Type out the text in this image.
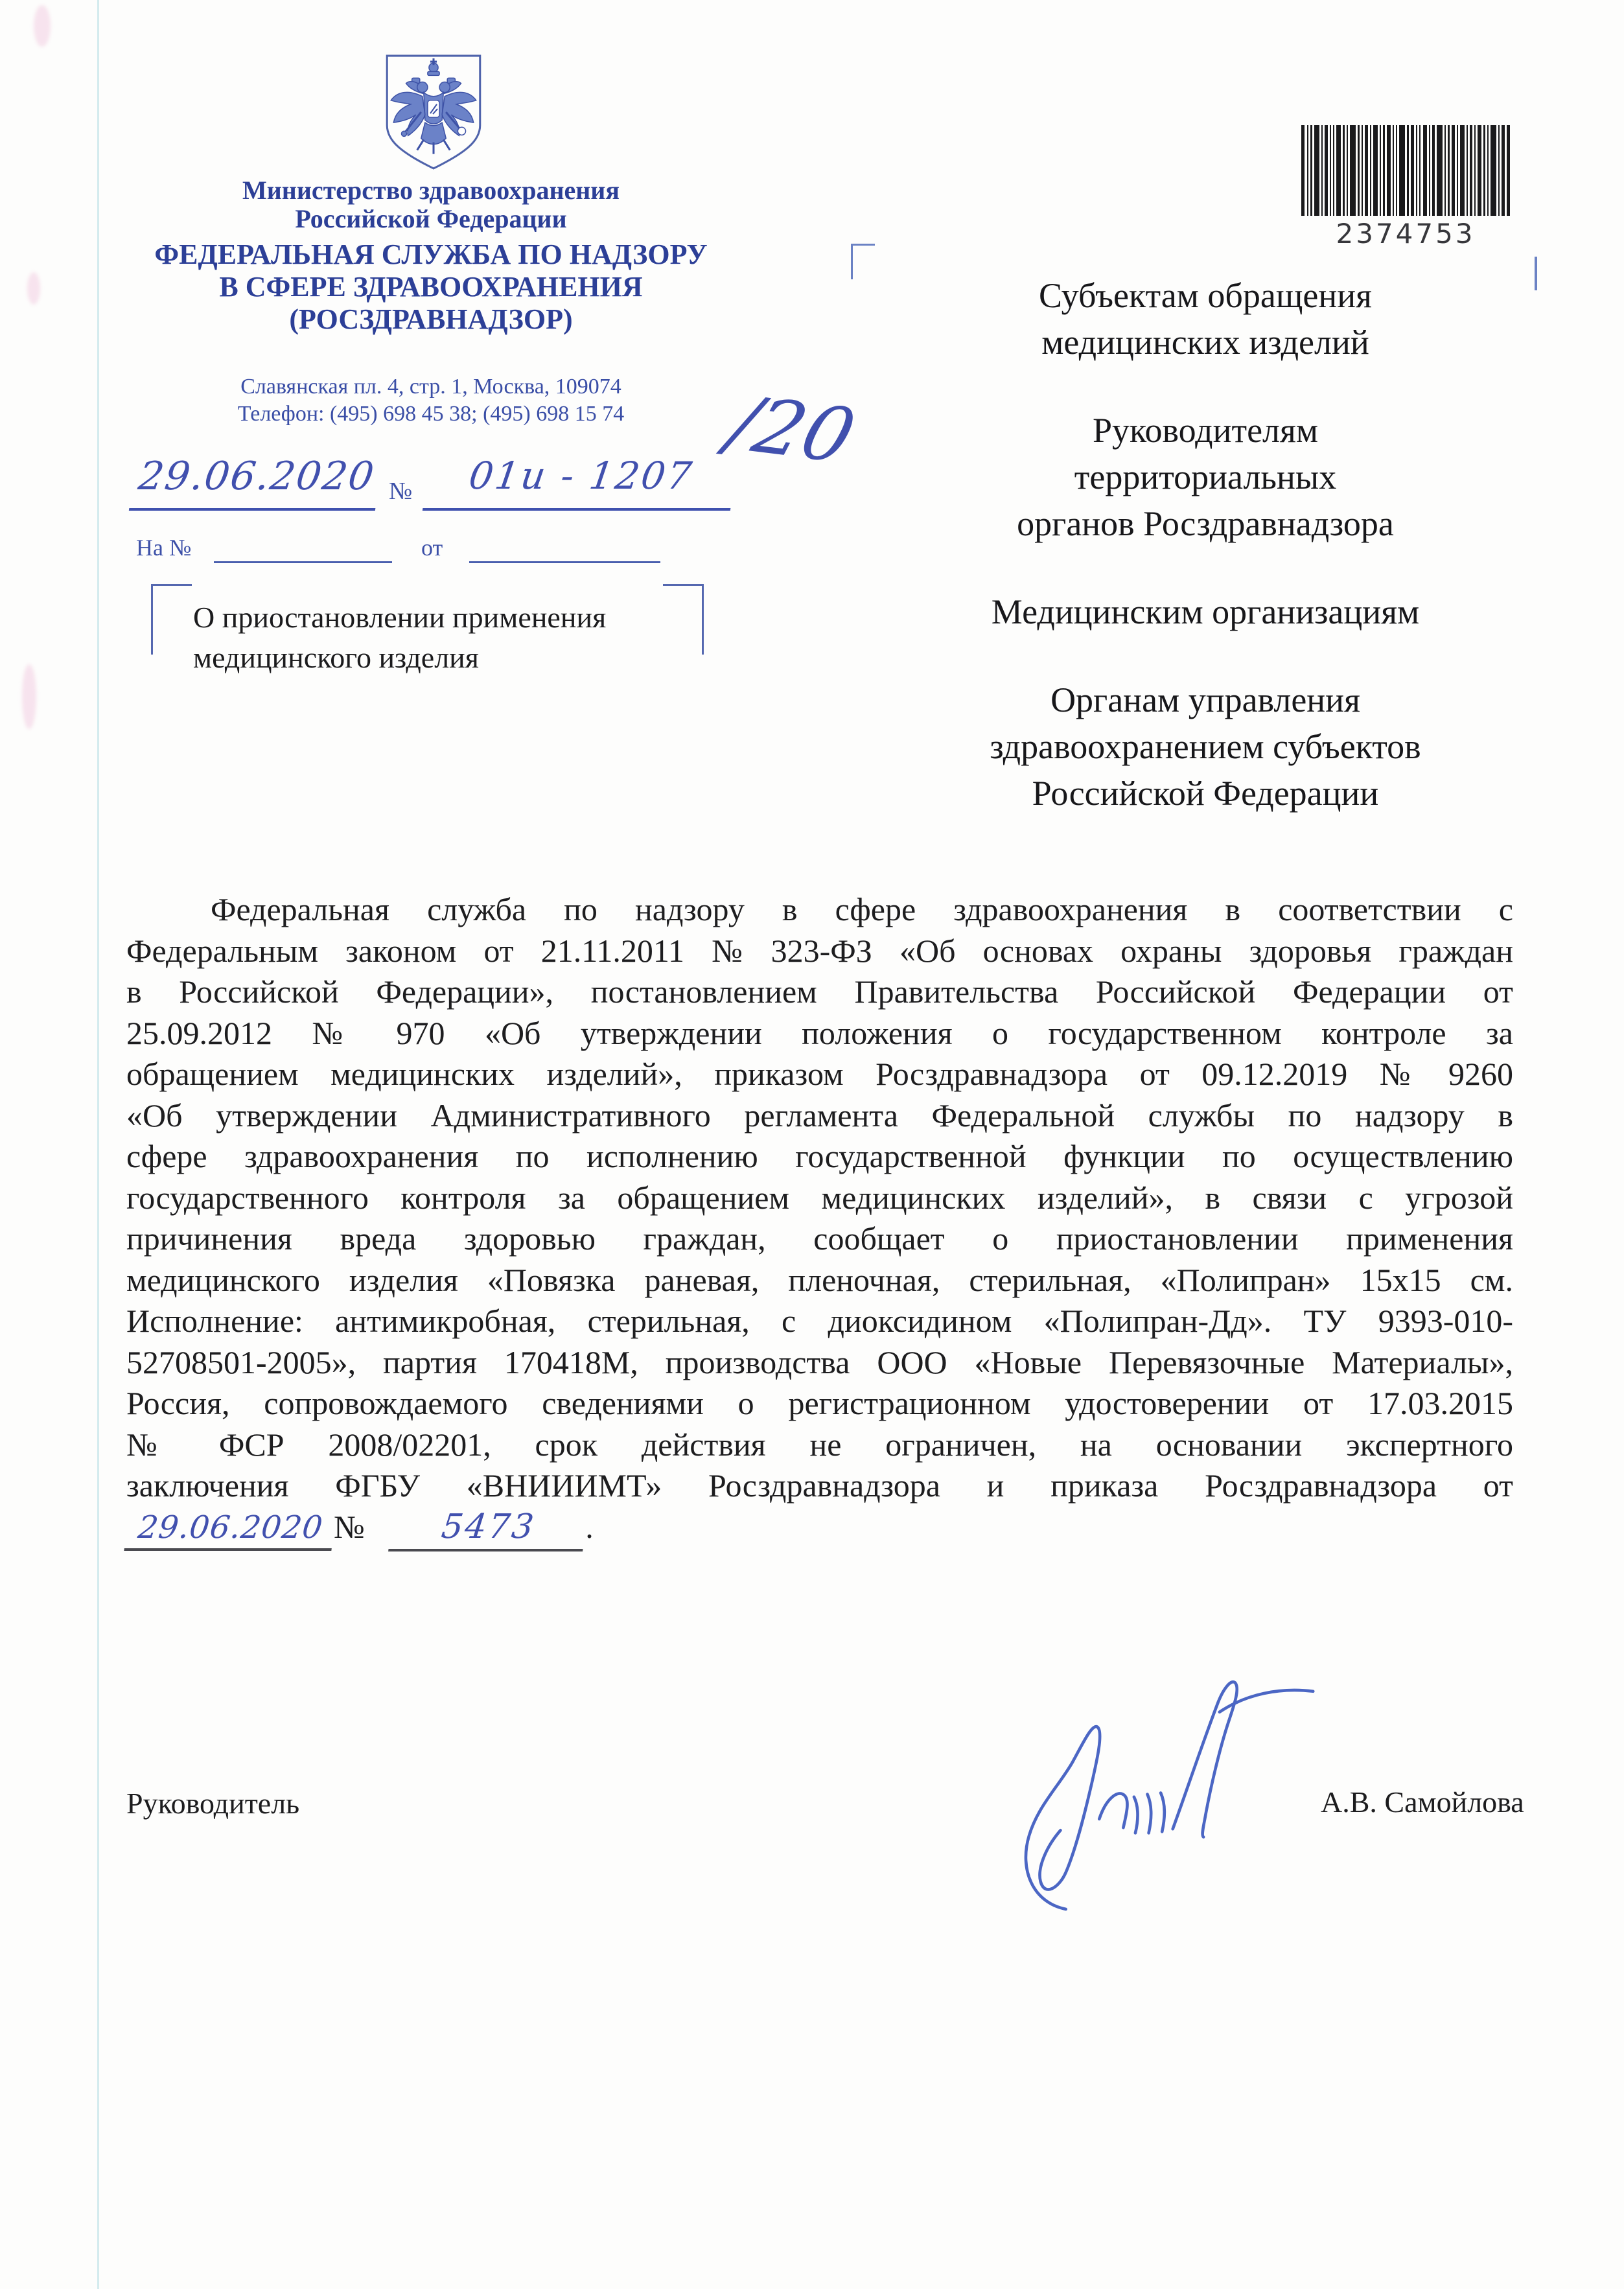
Министерство здравоохранения
Российской Федерации
ФЕДЕРАЛЬНАЯ СЛУЖБА ПО НАДЗОРУ
В СФЕРЕ ЗДРАВООХРАНЕНИЯ
(РОСЗДРАВНАДЗОР)
Славянская пл. 4, стр. 1, Москва, 109074
Телефон: (495) 698 45 38; (495) 698 15 74
29.06.2020 №	01и - 1207 /20
На №	от
О приостановлении применения
медицинского изделия
2374753

Субъектам обращения
медицинских изделий

Руководителям
территориальных
органов Росздравнадзора

Медицинским организациям

Органам управления
здравоохранением субъектов
Российской Федерации

Федеральная служба по надзору в сфере здравоохранения в соответствии с Федеральным законом от 21.11.2011 № 323-ФЗ «Об основах охраны здоровья граждан в Российской Федерации», постановлением Правительства Российской Федерации от 25.09.2012 № 970 «Об утверждении положения о государственном контроле за обращением медицинских изделий», приказом Росздравнадзора от 09.12.2019 № 9260 «Об утверждении Административного регламента Федеральной службы по надзору в сфере здравоохранения по исполнению государственной функции по осуществлению государственного контроля за обращением медицинских изделий», в связи с угрозой причинения вреда здоровью граждан, сообщает о приостановлении применения медицинского изделия «Повязка раневая, пленочная, стерильная, «Полипран» 15х15 см. Исполнение: антимикробная, стерильная, с диоксидином «Полипран-Дд». ТУ 9393-010-52708501-2005», партия 170418М, производства ООО «Новые Перевязочные Материалы», Россия, сопровождаемого сведениями о регистрационном удостоверении от 17.03.2015 № ФСР 2008/02201, срок действия не ограничен, на основании экспертного заключения ФГБУ «ВНИИИМТ» Росздравнадзора и приказа Росздравнадзора от 29.06.2020 № 5473 .

Руководитель	А.В. Самойлова
